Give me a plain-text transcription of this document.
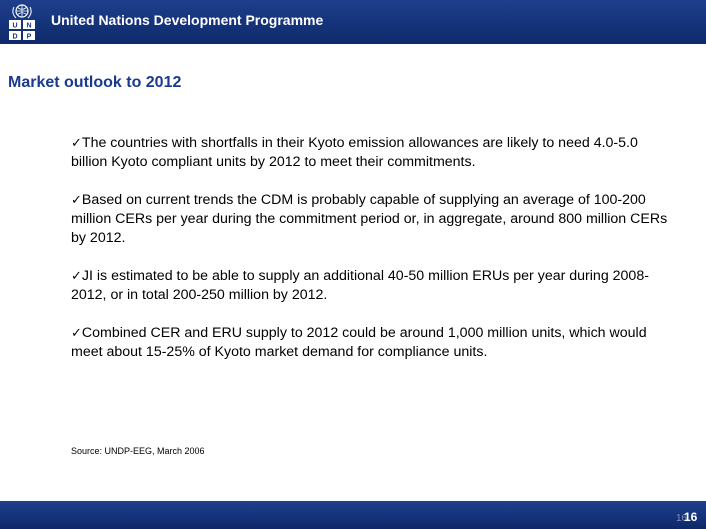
U N
D P
United Nations Development Programme
Market outlook to 2012
✓The countries with shortfalls in their Kyoto emission allowances are likely to need 4.0-5.0 billion Kyoto compliant units by 2012 to meet their commitments.
✓Based on current trends the CDM is probably capable of supplying an average of 100-200 million CERs per year during the commitment period or, in aggregate, around 800 million CERs by 2012.
✓JI is estimated to be able to supply an additional 40-50 million ERUs per year during 2008-2012, or in total 200-250 million by 2012.
✓Combined CER and ERU supply to 2012 could be around 1,000 million units, which would meet about 15-25% of Kyoto market demand for compliance units.
Source: UNDP-EEG, March 2006
16
16
